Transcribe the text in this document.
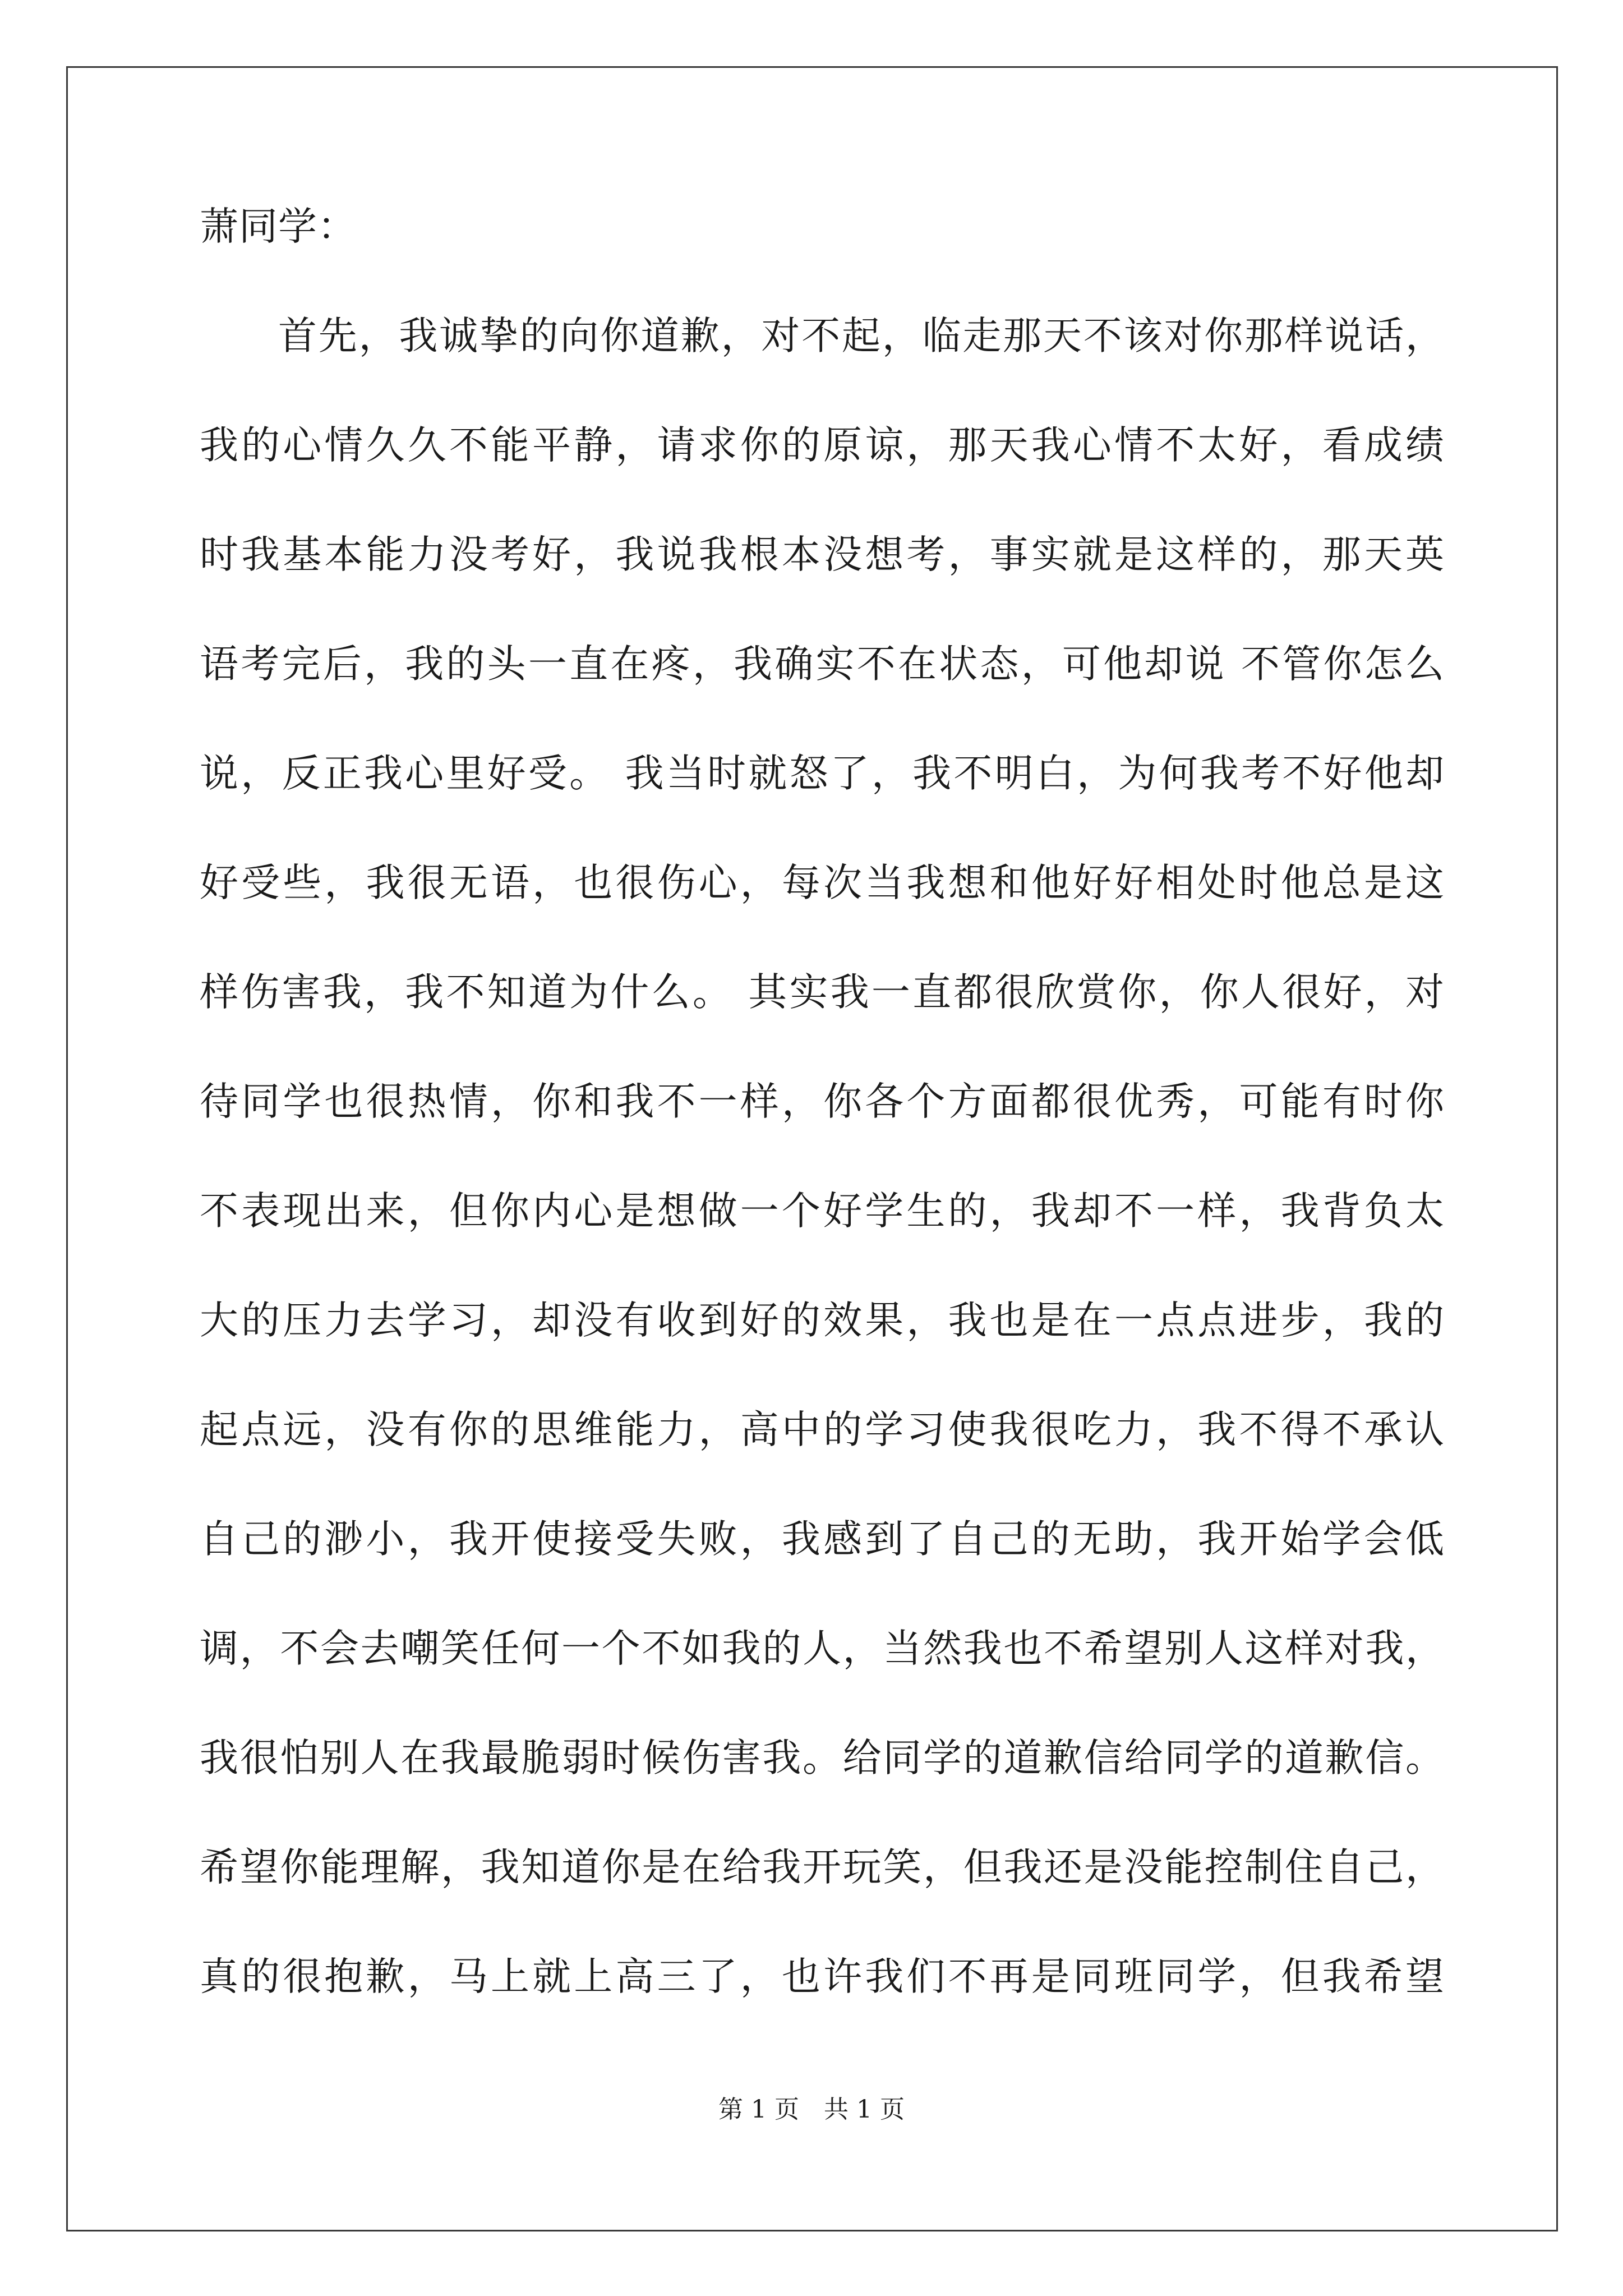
萧同学：
首先，我诚挚的向你道歉，对不起，临走那天不该对你那样说话，
我的心情久久不能平静，请求你的原谅，那天我心情不太好，看成绩
时我基本能力没考好，我说我根本没想考，事实就是这样的，那天英
语考完后，我的头一直在疼，我确实不在状态，可他却说 不管你怎么
说，反正我心里好受。 我当时就怒了，我不明白，为何我考不好他却
好受些，我很无语，也很伤心，每次当我想和他好好相处时他总是这
样伤害我，我不知道为什么。 其实我一直都很欣赏你，你人很好，对
待同学也很热情，你和我不一样，你各个方面都很优秀，可能有时你
不表现出来，但你内心是想做一个好学生的，我却不一样，我背负太
大的压力去学习，却没有收到好的效果，我也是在一点点进步，我的
起点远，没有你的思维能力，高中的学习使我很吃力，我不得不承认
自己的渺小，我开使接受失败，我感到了自己的无助，我开始学会低
调，不会去嘲笑任何一个不如我的人，当然我也不希望别人这样对我，
我很怕别人在我最脆弱时候伤害我。给同学的道歉信给同学的道歉信。
希望你能理解，我知道你是在给我开玩笑，但我还是没能控制住自己，
真的很抱歉，马上就上高三了，也许我们不再是同班同学，但我希望
第 1 页　共 1 页
